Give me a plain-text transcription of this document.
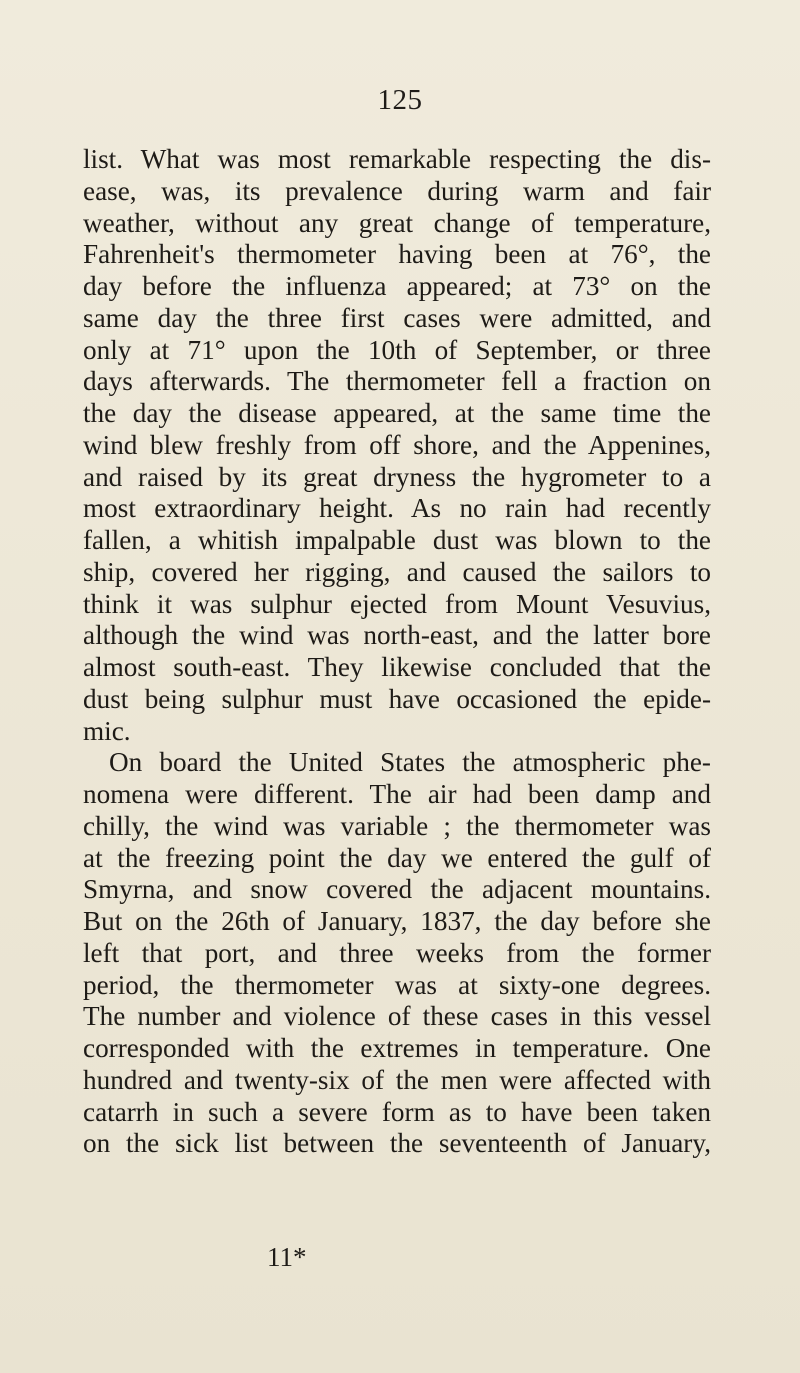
125
list. What was most remarkable respecting the dis-
ease, was, its prevalence during warm and fair
weather, without any great change of temperature,
Fahrenheit's thermometer having been at 76°, the
day before the influenza appeared; at 73° on the
same day the three first cases were admitted, and
only at 71° upon the 10th of September, or three
days afterwards. The thermometer fell a fraction on
the day the disease appeared, at the same time the
wind blew freshly from off shore, and the Appenines,
and raised by its great dryness the hygrometer to a
most extraordinary height. As no rain had recently
fallen, a whitish impalpable dust was blown to the
ship, covered her rigging, and caused the sailors to
think it was sulphur ejected from Mount Vesuvius,
although the wind was north-east, and the latter bore
almost south-east. They likewise concluded that the
dust being sulphur must have occasioned the epide-
mic.
On board the United States the atmospheric phe-
nomena were different. The air had been damp and
chilly, the wind was variable ; the thermometer was
at the freezing point the day we entered the gulf of
Smyrna, and snow covered the adjacent mountains.
But on the 26th of January, 1837, the day before she
left that port, and three weeks from the former
period, the thermometer was at sixty-one degrees.
The number and violence of these cases in this vessel
corresponded with the extremes in temperature. One
hundred and twenty-six of the men were affected with
catarrh in such a severe form as to have been taken
on the sick list between the seventeenth of January,
11*
